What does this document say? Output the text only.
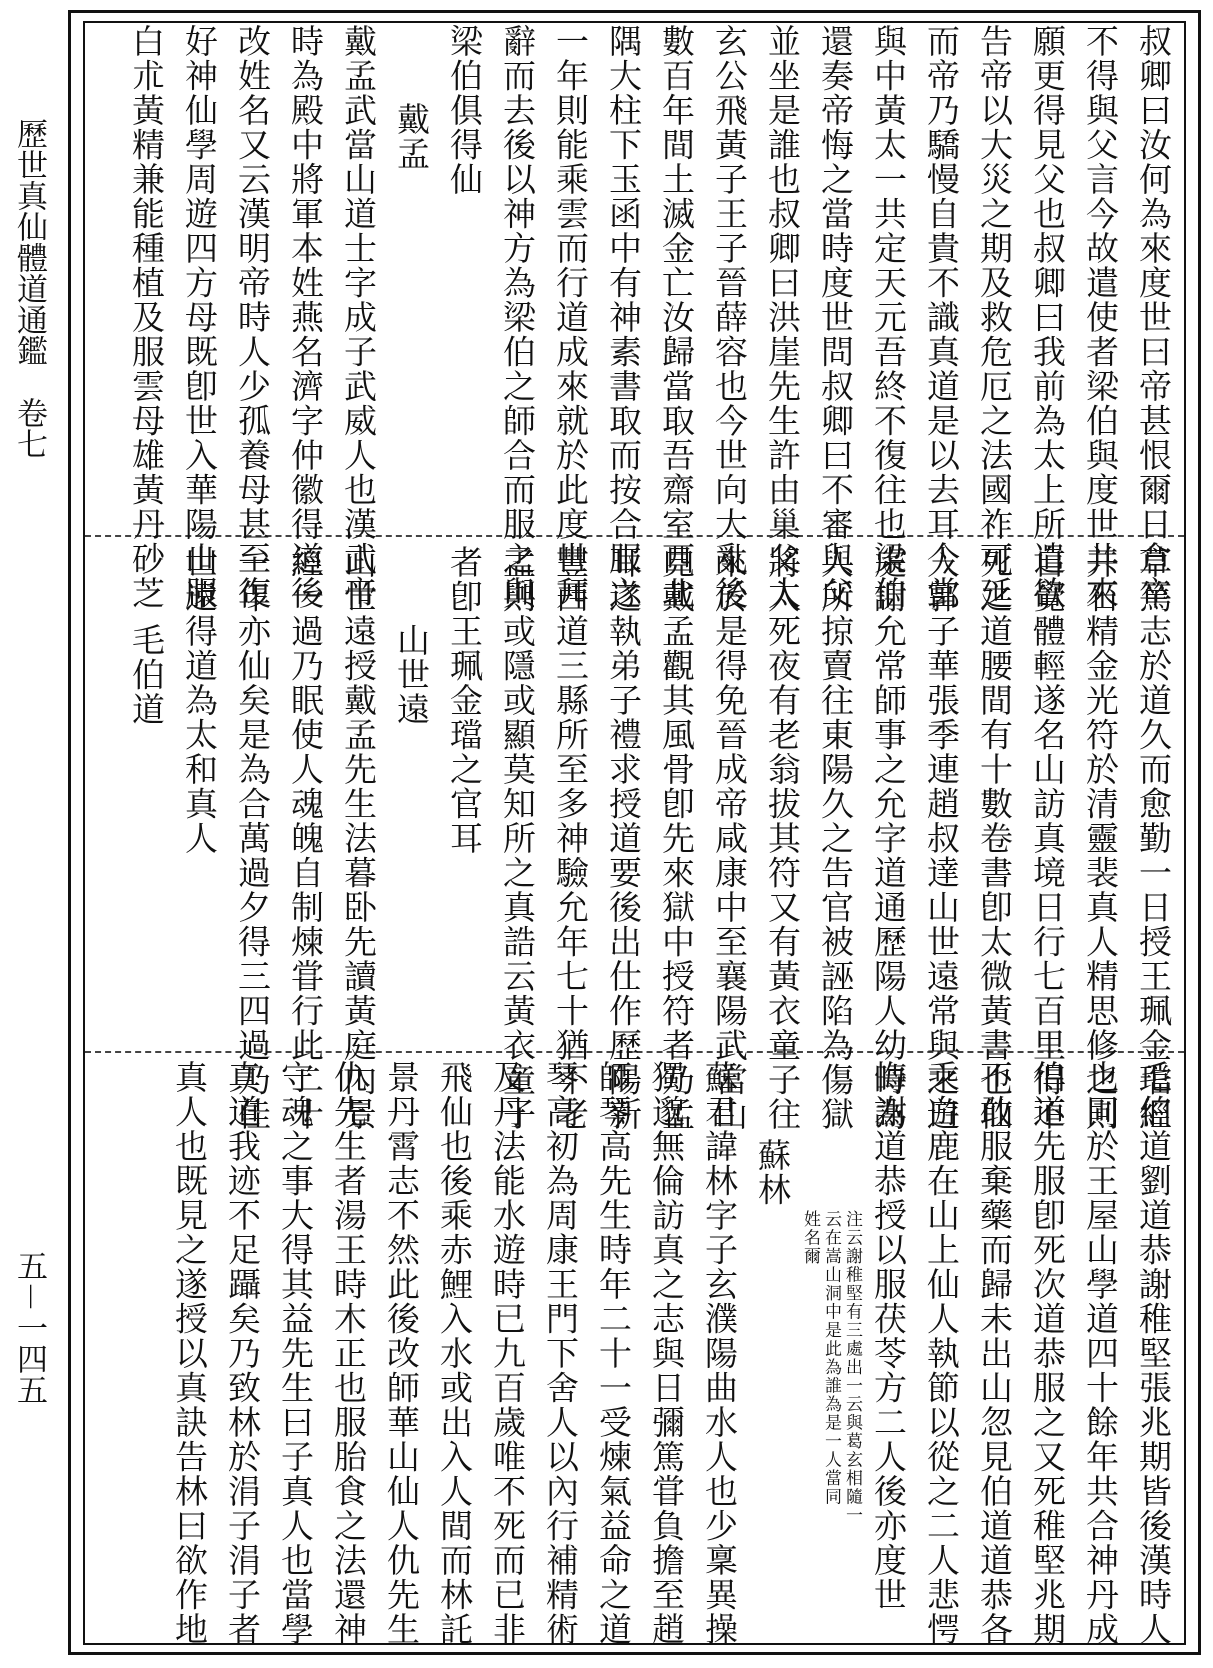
歷世真仙體道通鑑　卷七
五－一四五
叔卿曰汝何為來度世曰帝甚恨爾日倉卒
不得與父言今故遣使者梁伯與度世共來
願更得見父也叔卿曰我前為太上所遣欲
告帝以大災之期及救危厄之法國祚可延
而帝乃驕慢自貴不識真道是以去耳今當
與中黃太一共定天元吾終不復往也梁伯
還奏帝悔之當時度世問叔卿曰不審與父
並坐是誰也叔卿曰洪崖先生許由巢父太
玄公飛黃子王子晉薛容也今世向大亂後
數百年間土滅金亡汝歸當取吾齋室西北
隅大柱下玉函中有神素書取而按合服之
一年則能乘雲而行道成來就於此度世拜
辭而去後以神方為梁伯之師合而服之與
梁伯俱得仙
戴孟
戴孟武當山道士字成子武威人也漢武帝
時為殿中將軍本姓燕名濟字仲徽得道後
改姓名又云漢明帝時人少孤養母甚至復
好神仙學周遊四方母既卽世入華陽山服
白朮黃精兼能種植及服雲母雄黃丹砂芝
草篤志於道久而愈勤一日授王珮金璫經
并石精金光符於清靈裴真人精思修之則
自覺體輕遂名山訪真境日行七百里得不
死之道腰間有十數卷書卽太微黃書也仙
人郭子華張季連趙叔達山世遠常與之遊
處謝允常師事之允字道通歷陽人幼時為
人所掠賣往東陽久之告官被誣陷為傷獄
將入死夜有老翁拔其符又有黃衣童子往
來於是得免晉成帝咸康中至襄陽武當山
見戴孟觀其風骨卽先來獄中授符者乃孟
耳遂執弟子禮求授道要後出仕作歷陽新
豐西道三縣所至多神驗允年七十猶不老
孟則或隱或顯莫知所之真誥云黃衣童子
者卽王珮金璫之官耳
山世遠
山世遠授戴孟先生法暮卧先讀黃庭內景
經一過乃眠使人魂魄自制煉甞行此二十
一年亦仙矣是為合萬過夕得三四過乃佳
世遠得道為太和真人
毛伯道
毛伯道劉道恭謝稚堅張兆期皆後漢時人
也同於王屋山學道四十餘年共合神丹成
伯道先服卽死次道恭服之又死稚堅兆期
不敢服棄藥而歸未出山忽見伯道道恭各
乘白鹿在山上仙人執節以從之二人悲愕
悔謝道恭授以服茯苓方二人後亦度世
注云謝稚堅有三處出一云與葛玄相隨一
云在嵩山洞中是此為誰為是一人當同
姓名爾
蘇林
蘇君諱林字子玄濮陽曲水人也少稟異操
獨邈無倫訪真之志與日彌篤甞負擔至趙
師琴高先生時年二十一受煉氣益命之道
琴高初為周康王門下舍人以內行補精術
及丹法能水遊時已九百歲唯不死而已非
飛仙也後乘赤鯉入水或出入人間而林託
景丹霄志不然此後改師華山仙人仇先生
仇先生者湯王時木正也服胎食之法還神
守魂之事大得其益先生曰子真人也當學
真道我迹不足躡矣乃致林於涓子涓子者
真人也既見之遂授以真訣告林曰欲作地
